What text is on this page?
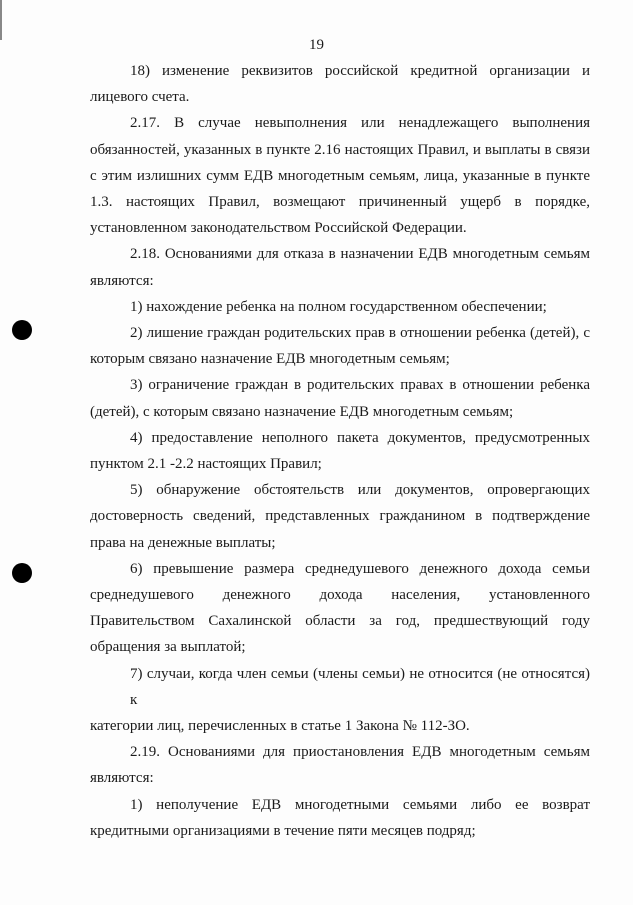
19
18) изменение реквизитов российской кредитной организации и
лицевого счета.
2.17. В случае невыполнения или ненадлежащего выполнения
обязанностей, указанных в пункте 2.16 настоящих Правил, и выплаты в связи
с этим излишних сумм ЕДВ многодетным семьям, лица, указанные в пункте
1.3. настоящих Правил, возмещают причиненный ущерб в порядке,
установленном законодательством Российской Федерации.
2.18. Основаниями для отказа в назначении ЕДВ многодетным семьям
являются:
1) нахождение ребенка на полном государственном обеспечении;
2) лишение граждан родительских прав в отношении ребенка (детей), с
которым связано назначение ЕДВ многодетным семьям;
3) ограничение граждан в родительских правах в отношении ребенка
(детей), с которым связано назначение ЕДВ многодетным семьям;
4) предоставление неполного пакета документов, предусмотренных
пунктом 2.1 -2.2 настоящих Правил;
5) обнаружение обстоятельств или документов, опровергающих
достоверность сведений, представленных гражданином в подтверждение
права на денежные выплаты;
6) превышение размера среднедушевого денежного дохода семьи
среднедушевого денежного дохода населения, установленного
Правительством Сахалинской области за год, предшествующий году
обращения за выплатой;
7) случаи, когда член семьи (члены семьи) не относится (не относятся) к
категории лиц, перечисленных в статье 1 Закона № 112-ЗО.
2.19. Основаниями для приостановления ЕДВ многодетным семьям
являются:
1) неполучение ЕДВ многодетными семьями либо ее возврат
кредитными организациями в течение пяти месяцев подряд;
